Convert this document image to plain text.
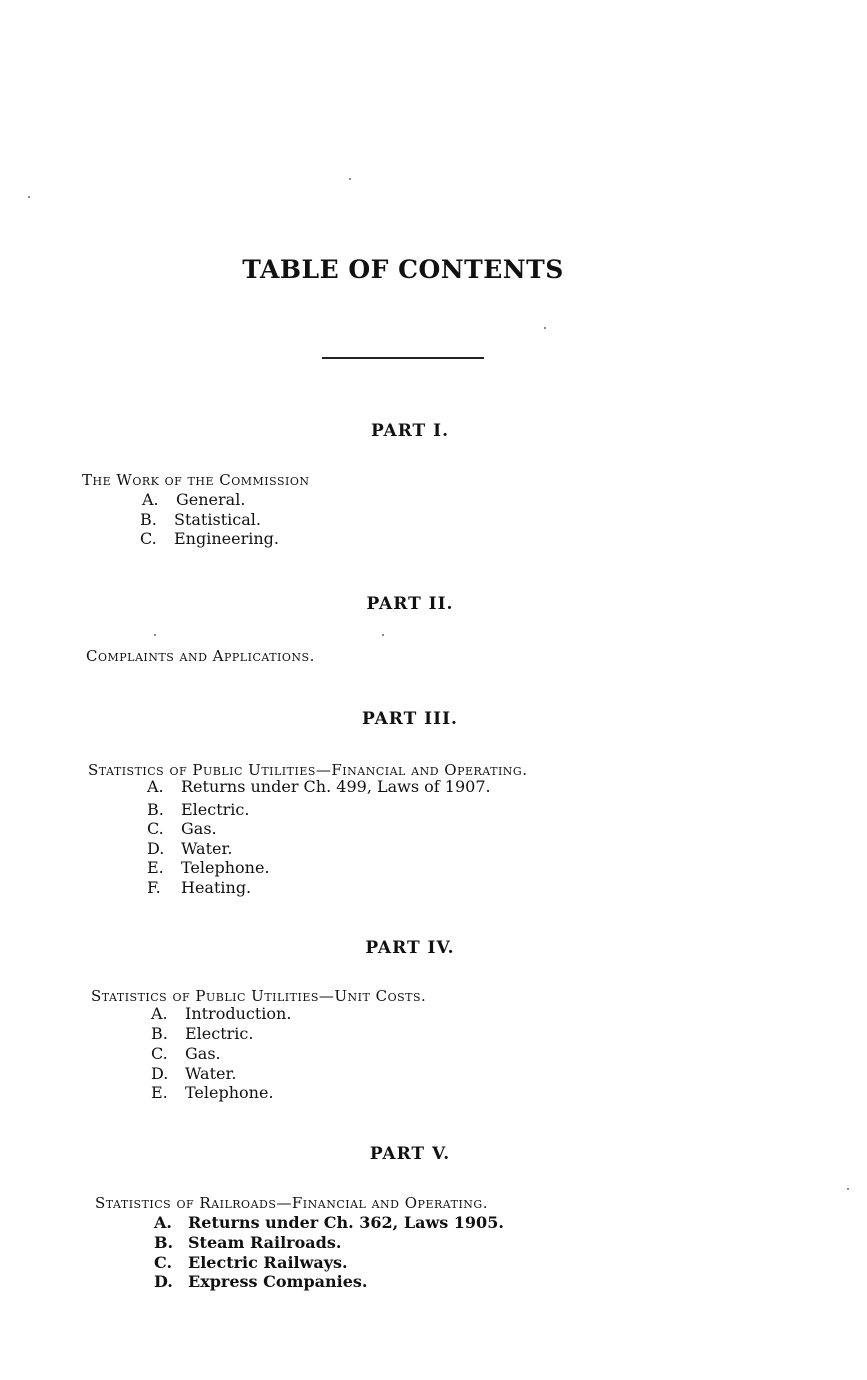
TABLE OF CONTENTS
PART I.
The Work of the Commission
A. General.
B. Statistical.
C. Engineering.
PART II.
Complaints and Applications.
PART III.
Statistics of Public Utilities—Financial and Operating.
A. Returns under Ch. 499, Laws of 1907.
B. Electric.
C. Gas.
D. Water.
E. Telephone.
F. Heating.
PART IV.
Statistics of Public Utilities—Unit Costs.
A. Introduction.
B. Electric.
C. Gas.
D. Water.
E. Telephone.
PART V.
Statistics of Railroads—Financial and Operating.
A. Returns under Ch. 362, Laws 1905.
B. Steam Railroads.
C. Electric Railways.
D. Express Companies.
